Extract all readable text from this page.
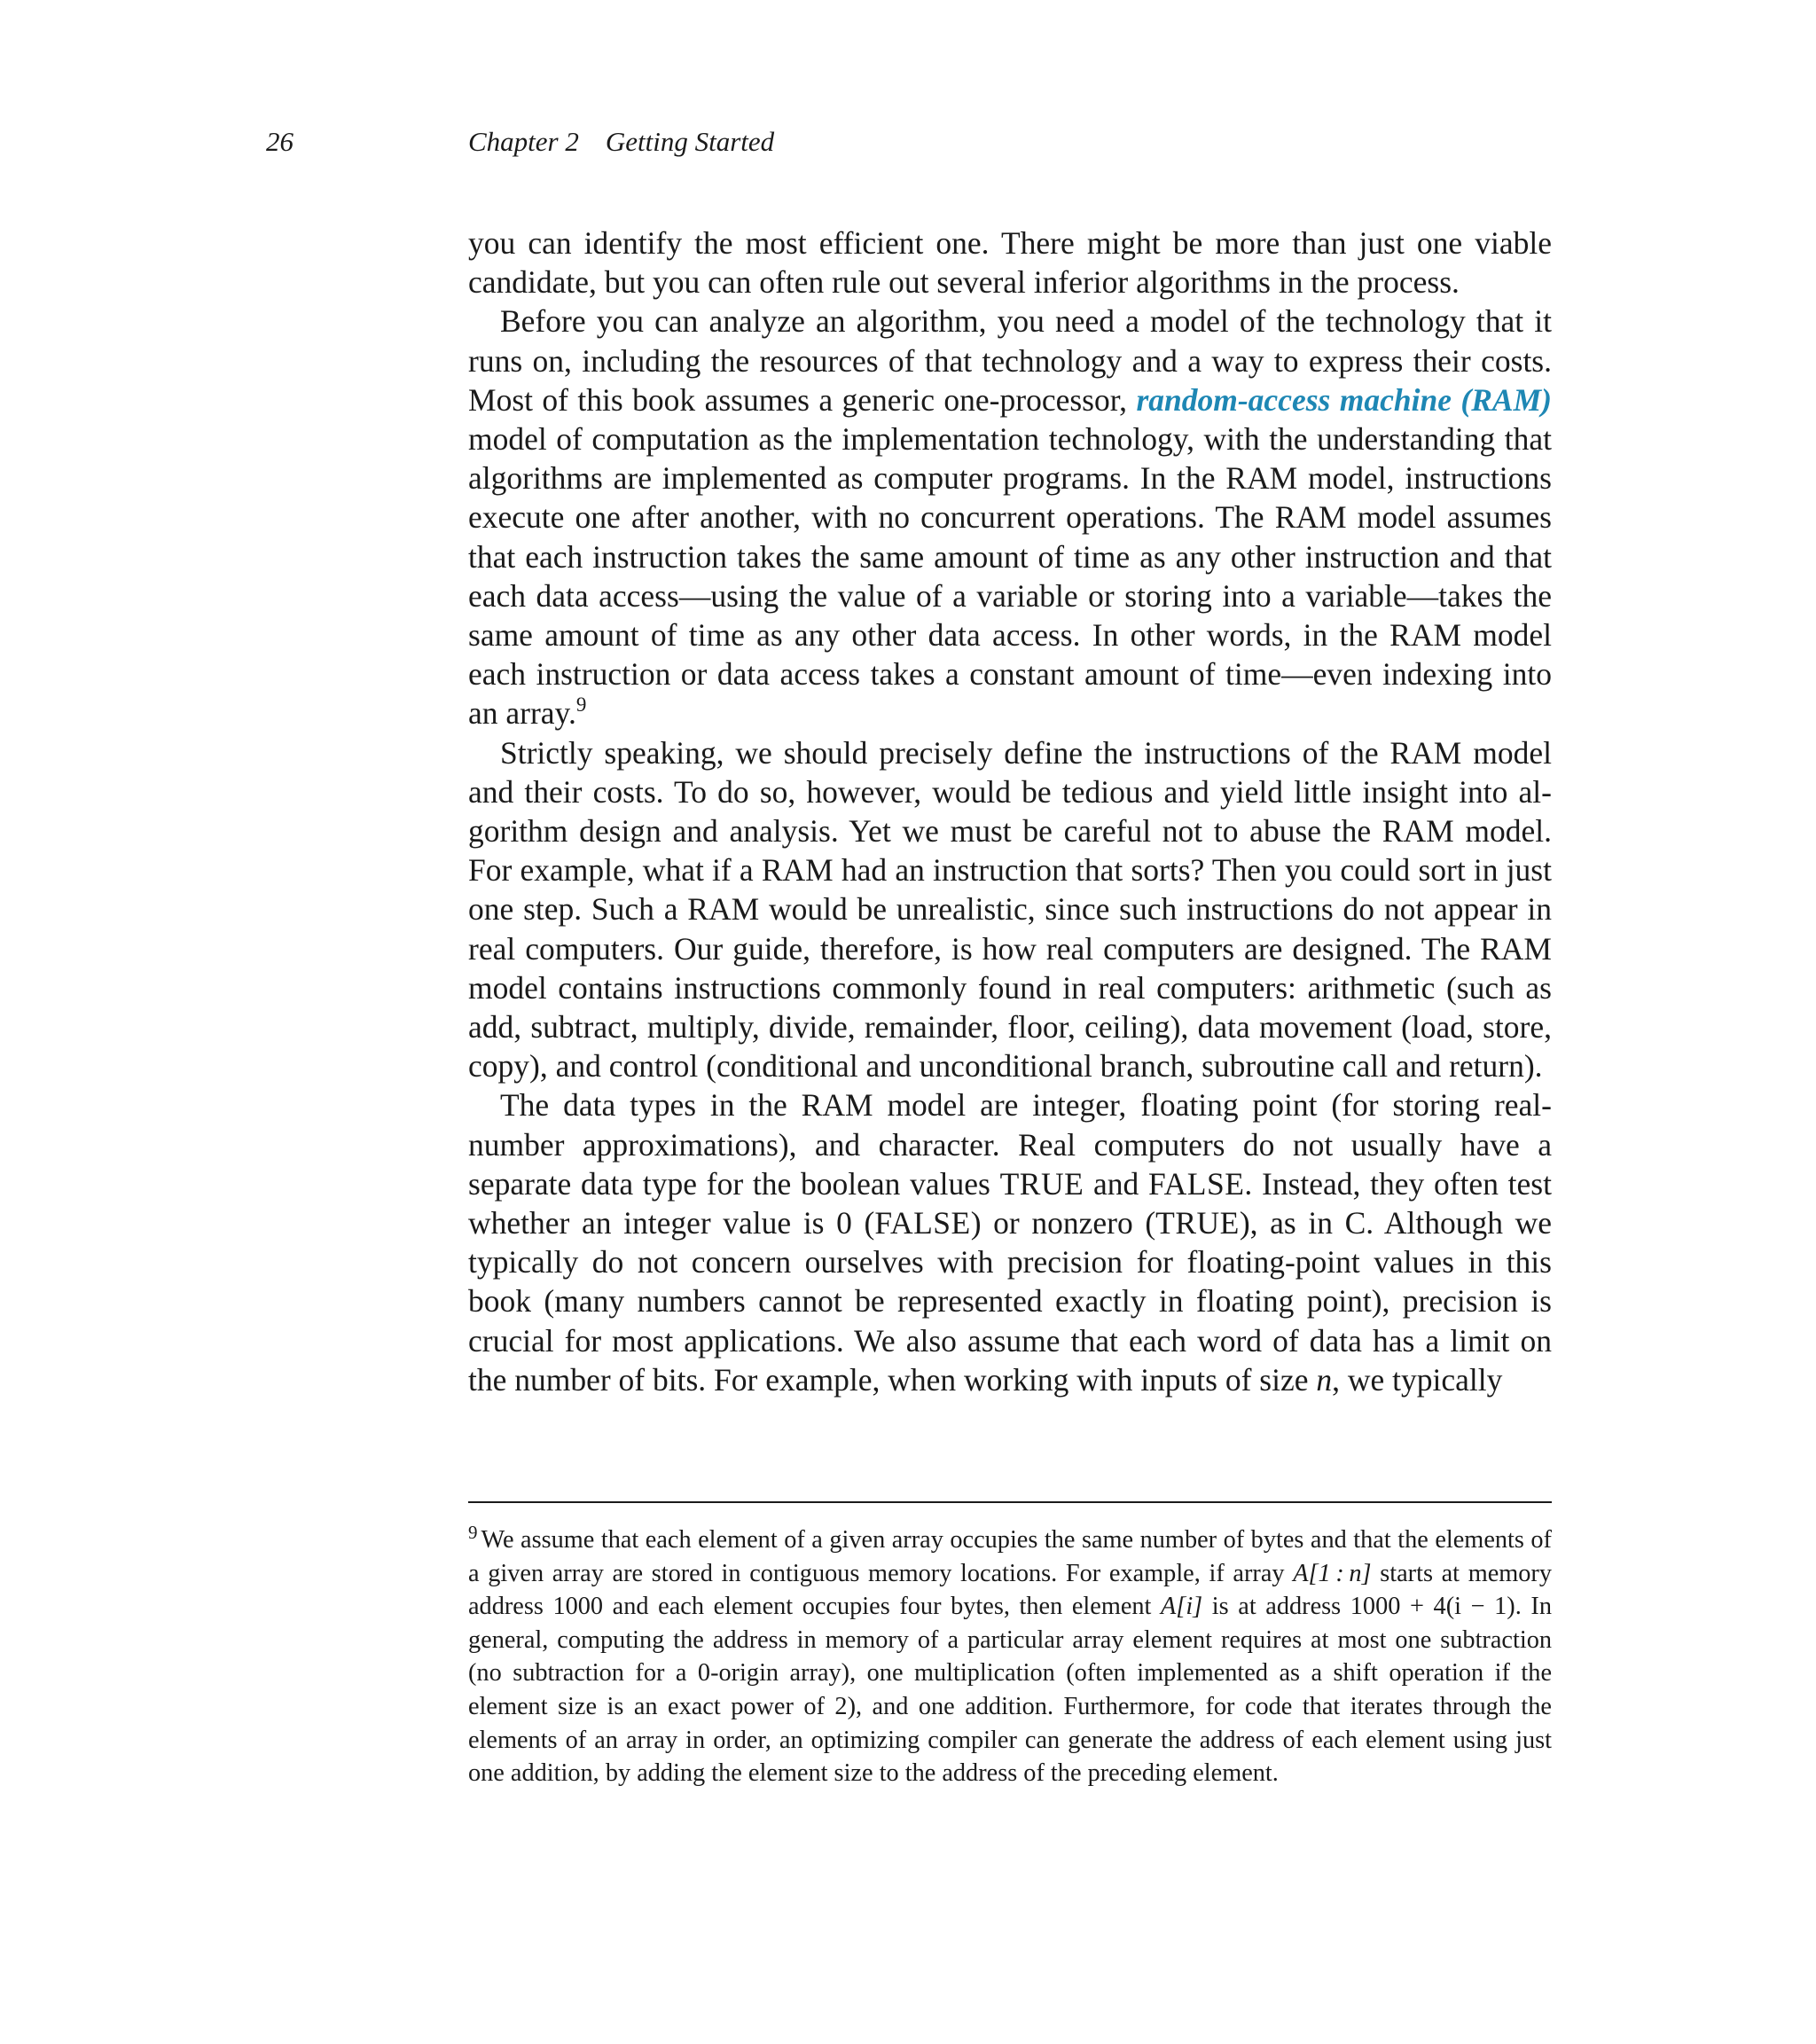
26	Chapter 2 Getting Started

you can identify the most efficient one. There might be more than just one viable candidate, but you can often rule out several inferior algorithms in the process.

Before you can analyze an algorithm, you need a model of the technology that it runs on, including the resources of that technology and a way to express their costs. Most of this book assumes a generic one-processor, random-access machine (RAM) model of computation as the implementation technology, with the understanding that algorithms are implemented as computer programs. In the RAM model, instructions execute one after another, with no concurrent operations. The RAM model assumes that each instruction takes the same amount of time as any other instruction and that each data access—using the value of a variable or storing into a variable—takes the same amount of time as any other data access. In other words, in the RAM model each instruction or data access takes a constant amount of time—even indexing into an array.$^9$

Strictly speaking, we should precisely define the instructions of the RAM model and their costs. To do so, however, would be tedious and yield little insight into algorithm design and analysis. Yet we must be careful not to abuse the RAM model. For example, what if a RAM had an instruction that sorts? Then you could sort in just one step. Such a RAM would be unrealistic, since such instructions do not appear in real computers. Our guide, therefore, is how real computers are designed. The RAM model contains instructions commonly found in real computers: arithmetic (such as add, subtract, multiply, divide, remainder, floor, ceiling), data movement (load, store, copy), and control (conditional and unconditional branch, subroutine call and return).

The data types in the RAM model are integer, floating point (for storing real-number approximations), and character. Real computers do not usually have a separate data type for the boolean values TRUE and FALSE. Instead, they often test whether an integer value is 0 (FALSE) or nonzero (TRUE), as in C. Although we typically do not concern ourselves with precision for floating-point values in this book (many numbers cannot be represented exactly in floating point), precision is crucial for most applications. We also assume that each word of data has a limit on the number of bits. For example, when working with inputs of size n, we typically

$^9$ We assume that each element of a given array occupies the same number of bytes and that the elements of a given array are stored in contiguous memory locations. For example, if array A[1 : n] starts at memory address 1000 and each element occupies four bytes, then element A[i] is at address 1000 + 4(i − 1). In general, computing the address in memory of a particular array element requires at most one subtraction (no subtraction for a 0-origin array), one multiplication (often implemented as a shift operation if the element size is an exact power of 2), and one addition. Furthermore, for code that iterates through the elements of an array in order, an optimizing compiler can generate the address of each element using just one addition, by adding the element size to the address of the preceding element.
